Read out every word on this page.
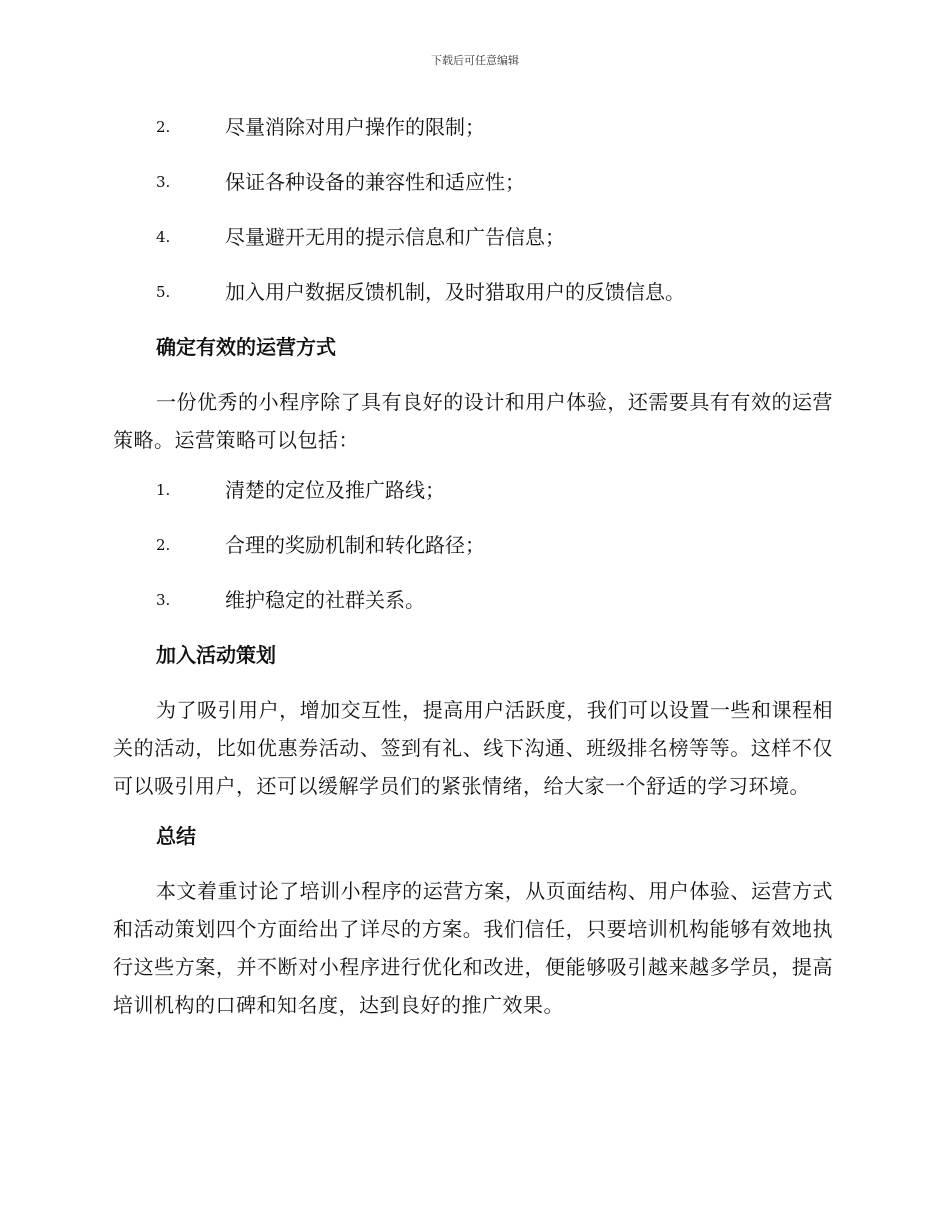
下载后可任意编辑
2.	尽量消除对用户操作的限制；
3.	保证各种设备的兼容性和适应性；
4.	尽量避开无用的提示信息和广告信息；
5.	加入用户数据反馈机制，及时猎取用户的反馈信息。
确定有效的运营方式
一份优秀的小程序除了具有良好的设计和用户体验，还需要具有有效的运营策略。运营策略可以包括：
1.	清楚的定位及推广路线；
2.	合理的奖励机制和转化路径；
3.	维护稳定的社群关系。
加入活动策划
为了吸引用户，增加交互性，提高用户活跃度，我们可以设置一些和课程相关的活动，比如优惠券活动、签到有礼、线下沟通、班级排名榜等等。这样不仅可以吸引用户，还可以缓解学员们的紧张情绪，给大家一个舒适的学习环境。
总结
本文着重讨论了培训小程序的运营方案，从页面结构、用户体验、运营方式和活动策划四个方面给出了详尽的方案。我们信任，只要培训机构能够有效地执行这些方案，并不断对小程序进行优化和改进，便能够吸引越来越多学员，提高培训机构的口碑和知名度，达到良好的推广效果。
